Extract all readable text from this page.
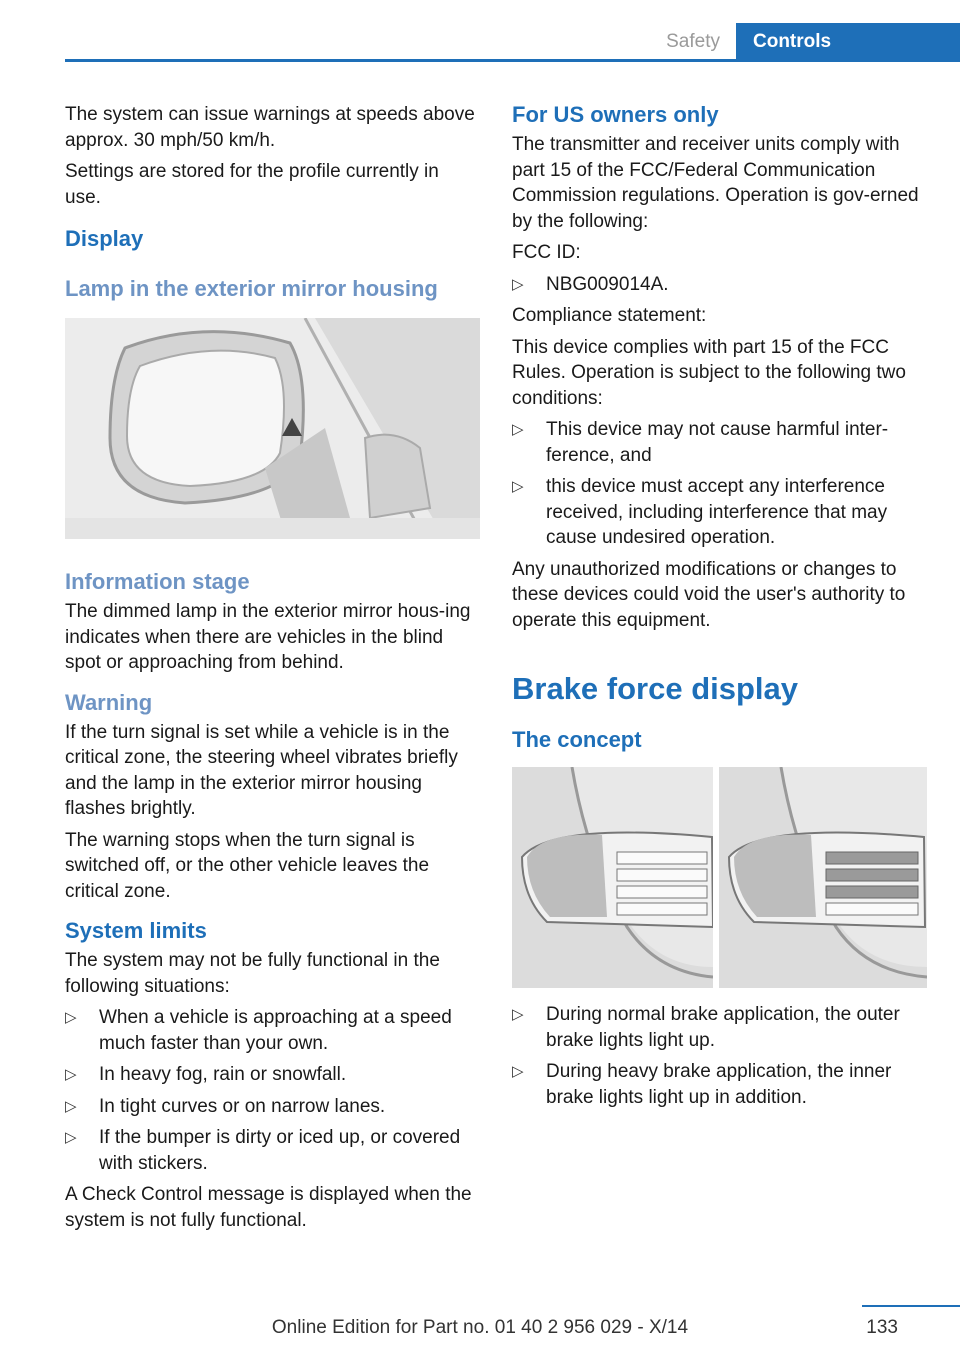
Safety	Controls

The system can issue warnings at speeds above approx. 30 mph/50 km/h.

Settings are stored for the profile currently in use.

Display
Lamp in the exterior mirror housing
Information stage

The dimmed lamp in the exterior mirror hous‐ing indicates when there are vehicles in the blind spot or approaching from behind.

Warning

If the turn signal is set while a vehicle is in the critical zone, the steering wheel vibrates briefly and the lamp in the exterior mirror housing flashes brightly.

The warning stops when the turn signal is switched off, or the other vehicle leaves the critical zone.

System limits

The system may not be fully functional in the following situations:

▷ When a vehicle is approaching at a speed much faster than your own.
▷ In heavy fog, rain or snowfall.
▷ In tight curves or on narrow lanes.
▷ If the bumper is dirty or iced up, or covered with stickers.

A Check Control message is displayed when the system is not fully functional.

For US owners only

The transmitter and receiver units comply with part 15 of the FCC/Federal Communication Commission regulations. Operation is gov‐erned by the following:

FCC ID:

▷ NBG009014A.

Compliance statement:

This device complies with part 15 of the FCC Rules. Operation is subject to the following two conditions:

▷ This device may not cause harmful inter‐ference, and
▷ this device must accept any interference received, including interference that may cause undesired operation.

Any unauthorized modifications or changes to these devices could void the user's authority to operate this equipment.

Brake force display
The concept
▷ During normal brake application, the outer brake lights light up.
▷ During heavy brake application, the inner brake lights light up in addition.
Online Edition for Part no. 01 40 2 956 029 - X/14	133
